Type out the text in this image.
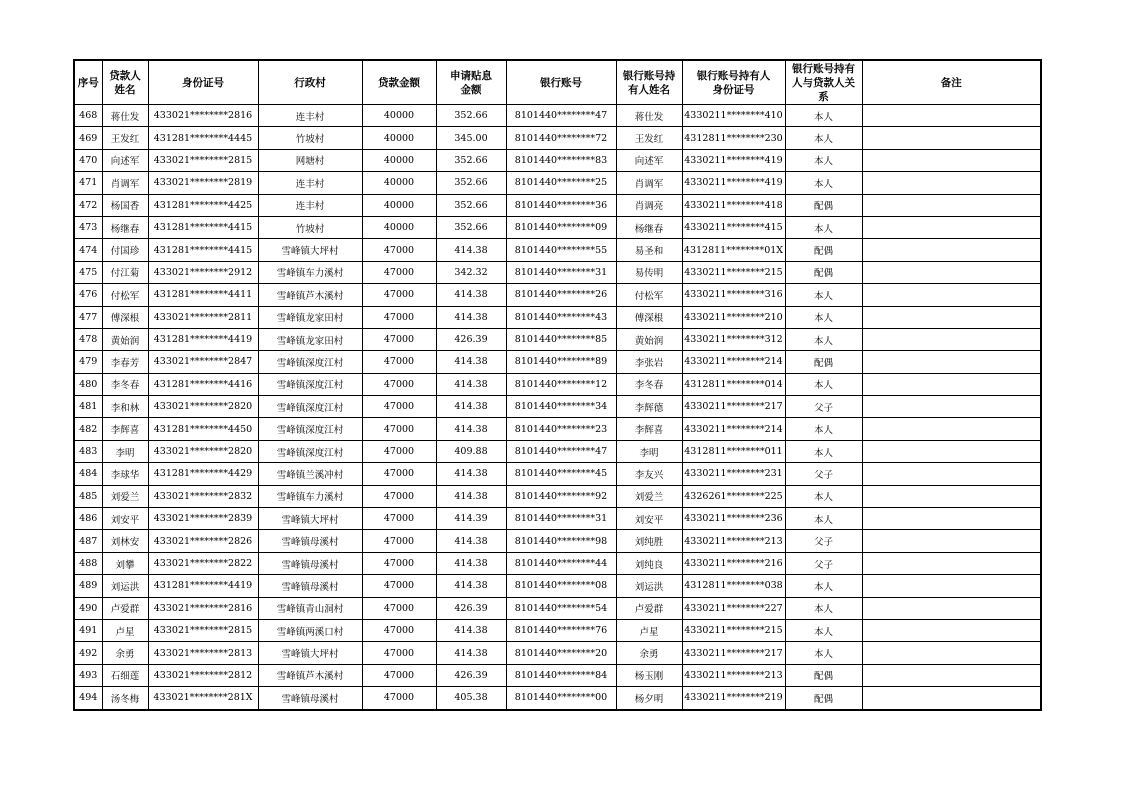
序号	贷款人姓名	身份证号	行政村	贷款金额	申请贴息金额	银行账号	银行账号持有人姓名	银行账号持有人身份证号	银行账号持有人与贷款人关系	备注
468	蒋仕发	433021********2816	连丰村	40000	352.66	8101440********47	蒋仕发	4330211********410	本人	
469	王发红	431281********4445	竹坡村	40000	345.00	8101440********72	王发红	4312811********230	本人	
470	向述军	433021********2815	网塘村	40000	352.66	8101440********83	向述军	4330211********419	本人	
471	肖调军	433021********2819	连丰村	40000	352.66	8101440********25	肖调军	4330211********419	本人	
472	杨国香	431281********4425	连丰村	40000	352.66	8101440********36	肖调亮	4330211********418	配偶	
473	杨继春	431281********4415	竹坡村	40000	352.66	8101440********09	杨继春	4330211********415	本人	
474	付国珍	431281********4415	雪峰镇大坪村	47000	414.38	8101440********55	易圣和	4312811********01X	配偶	
475	付江菊	433021********2912	雪峰镇车力溪村	47000	342.32	8101440********31	易传明	4330211********215	配偶	
476	付松军	431281********4411	雪峰镇芦木溪村	47000	414.38	8101440********26	付松军	4330211********316	本人	
477	傅深根	433021********2811	雪峰镇龙家田村	47000	414.38	8101440********43	傅深根	4330211********210	本人	
478	黄始润	431281********4419	雪峰镇龙家田村	47000	426.39	8101440********85	黄始润	4330211********312	本人	
479	李春芳	433021********2847	雪峰镇深度江村	47000	414.38	8101440********89	李张岩	4330211********214	配偶	
480	李冬春	431281********4416	雪峰镇深度江村	47000	414.38	8101440********12	李冬春	4312811********014	本人	
481	李和林	433021********2820	雪峰镇深度江村	47000	414.38	8101440********34	李辉德	4330211********217	父子	
482	李辉喜	431281********4450	雪峰镇深度江村	47000	414.38	8101440********23	李辉喜	4330211********214	本人	
483	李明	433021********2820	雪峰镇深度江村	47000	409.88	8101440********47	李明	4312811********011	本人	
484	李球华	431281********4429	雪峰镇兰溪冲村	47000	414.38	8101440********45	李友兴	4330211********231	父子	
485	刘爱兰	433021********2832	雪峰镇车力溪村	47000	414.38	8101440********92	刘爱兰	4326261********225	本人	
486	刘安平	433021********2839	雪峰镇大坪村	47000	414.39	8101440********31	刘安平	4330211********236	本人	
487	刘林安	433021********2826	雪峰镇母溪村	47000	414.38	8101440********98	刘纯胜	4330211********213	父子	
488	刘攀	433021********2822	雪峰镇母溪村	47000	414.38	8101440********44	刘纯良	4330211********216	父子	
489	刘运洪	431281********4419	雪峰镇母溪村	47000	414.38	8101440********08	刘运洪	4312811********038	本人	
490	卢爱群	433021********2816	雪峰镇青山洞村	47000	426.39	8101440********54	卢爱群	4330211********227	本人	
491	卢星	433021********2815	雪峰镇两溪口村	47000	414.38	8101440********76	卢星	4330211********215	本人	
492	余勇	433021********2813	雪峰镇大坪村	47000	414.38	8101440********20	余勇	4330211********217	本人	
493	石细莲	433021********2812	雪峰镇芦木溪村	47000	426.39	8101440********84	杨玉刚	4330211********213	配偶	
494	汤冬梅	433021********281X	雪峰镇母溪村	47000	405.38	8101440********00	杨夕明	4330211********219	配偶	
